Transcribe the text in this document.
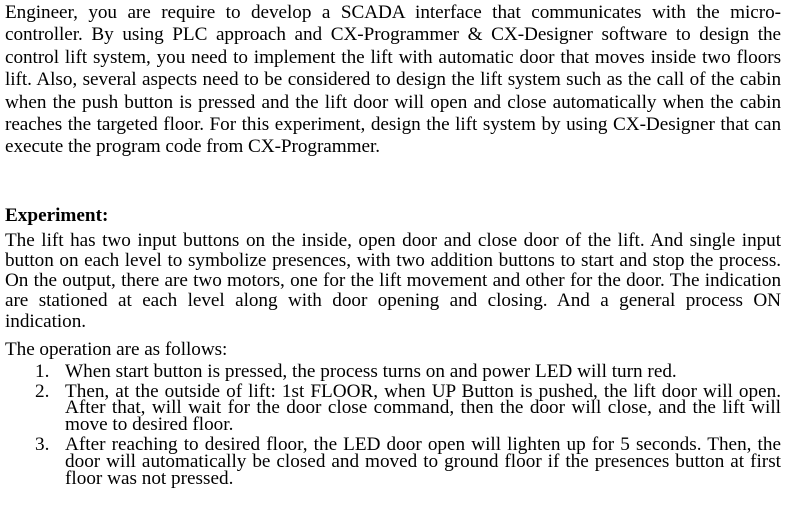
Engineer, you are require to develop a SCADA interface that communicates with the micro-controller. By using PLC approach and CX-Programmer & CX-Designer software to design the control lift system, you need to implement the lift with automatic door that moves inside two floors lift. Also, several aspects need to be considered to design the lift system such as the call of the cabin when the push button is pressed and the lift door will open and close automatically when the cabin reaches the targeted floor. For this experiment, design the lift system by using CX-Designer that can execute the program code from CX-Programmer.

Experiment:

The lift has two input buttons on the inside, open door and close door of the lift. And single input button on each level to symbolize presences, with two addition buttons to start and stop the process. On the output, there are two motors, one for the lift movement and other for the door. The indication are stationed at each level along with door opening and closing. And a general process ON indication.

The operation are as follows:

1. When start button is pressed, the process turns on and power LED will turn red.
2. Then, at the outside of lift: 1st FLOOR, when UP Button is pushed, the lift door will open. After that, will wait for the door close command, then the door will close, and the lift will move to desired floor.
3. After reaching to desired floor, the LED door open will lighten up for 5 seconds. Then, the door will automatically be closed and moved to ground floor if the presences button at first floor was not pressed.
